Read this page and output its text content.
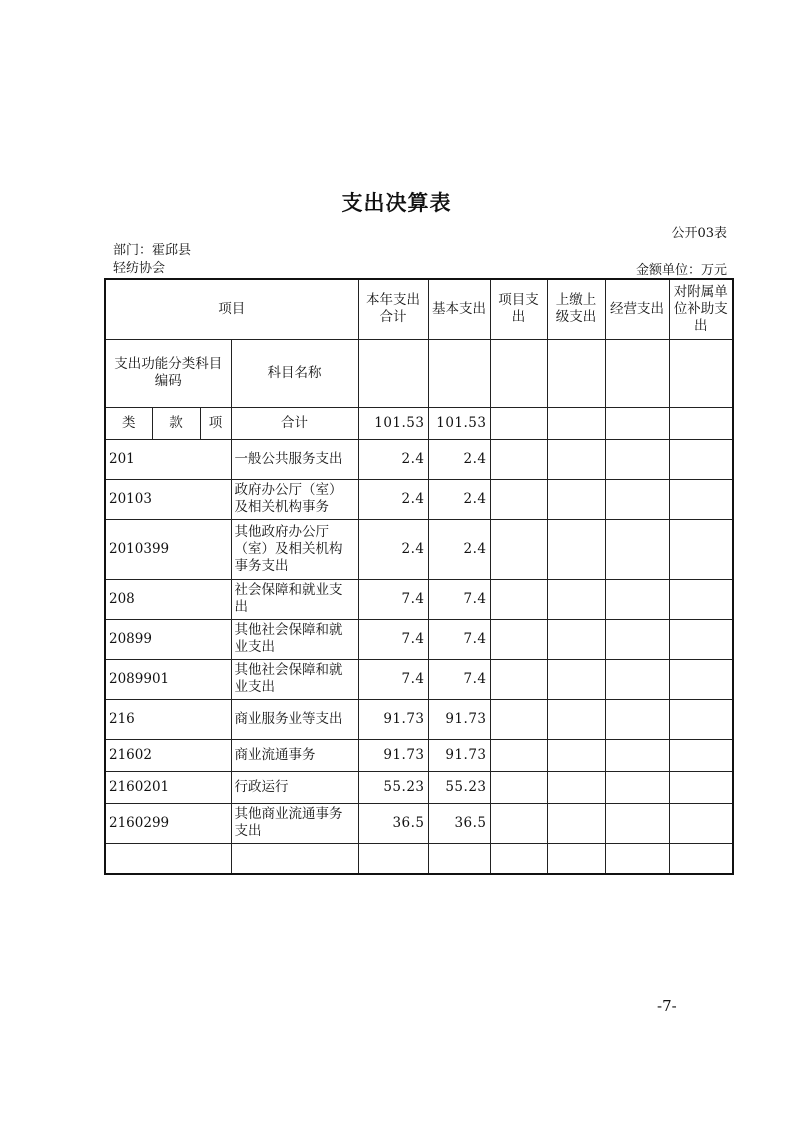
支出决算表
公开03表
部门：霍邱县
轻纺协会	金额单位：万元
项目				本年支出合计	基本支出	项目支出	上缴上级支出	经营支出	对附属单位补助支出
支出功能分类科目编码			科目名称						
类	款	项	合计	101.53	101.53				
201			一般公共服务支出	2.4	2.4				
20103			政府办公厅（室）及相关机构事务	2.4	2.4				
2010399			其他政府办公厅（室）及相关机构事务支出	2.4	2.4				
208			社会保障和就业支出	7.4	7.4				
20899			其他社会保障和就业支出	7.4	7.4				
2089901			其他社会保障和就业支出	7.4	7.4				
216			商业服务业等支出	91.73	91.73				
21602			商业流通事务	91.73	91.73				
2160201			行政运行	55.23	55.23				
2160299			其他商业流通事务支出	36.5	36.5				

-7-
